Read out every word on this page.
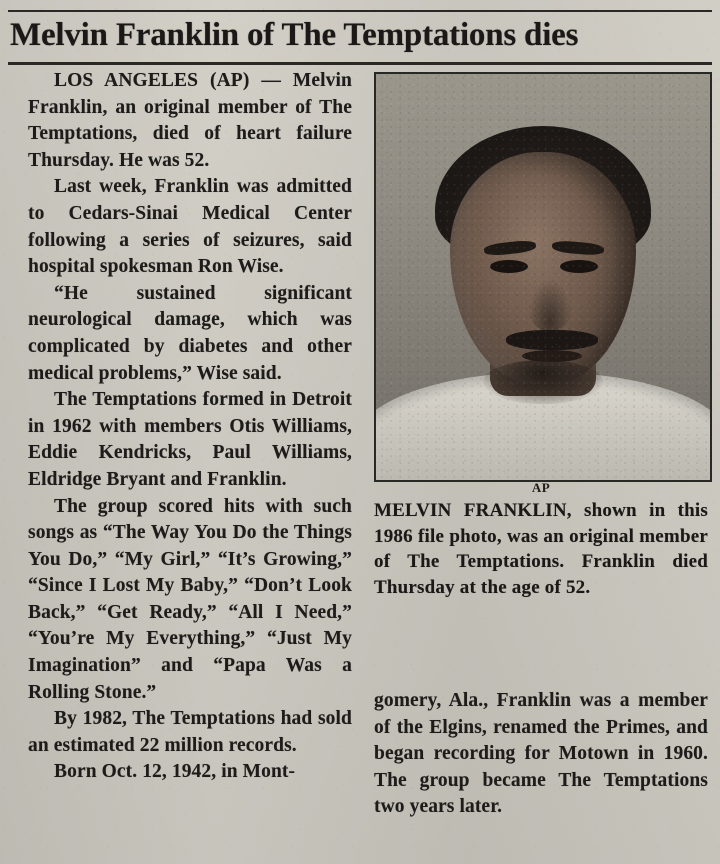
Melvin Franklin of The Temptations dies

LOS ANGELES (AP) — Melvin Franklin, an original member of The Temptations, died of heart failure Thursday. He was 52.

Last week, Franklin was admitted to Cedars-Sinai Medical Center following a series of seizures, said hospital spokesman Ron Wise.

“He sustained significant neurological damage, which was complicated by diabetes and other medical problems,” Wise said.

The Temptations formed in Detroit in 1962 with members Otis Williams, Eddie Kendricks, Paul Williams, Eldridge Bryant and Franklin.

The group scored hits with such songs as “The Way You Do the Things You Do,” “My Girl,” “It’s Growing,” “Since I Lost My Baby,” “Don’t Look Back,” “Get Ready,” “All I Need,” “You’re My Everything,” “Just My Imagination” and “Papa Was a Rolling Stone.”

By 1982, The Temptations had sold an estimated 22 million records.

Born Oct. 12, 1942, in Mont-

AP
MELVIN FRANKLIN, shown in this 1986 file photo, was an original member of The Temptations. Franklin died Thursday at the age of 52.

gomery, Ala., Franklin was a member of the Elgins, renamed the Primes, and began recording for Motown in 1960. The group became The Temptations two years later.
